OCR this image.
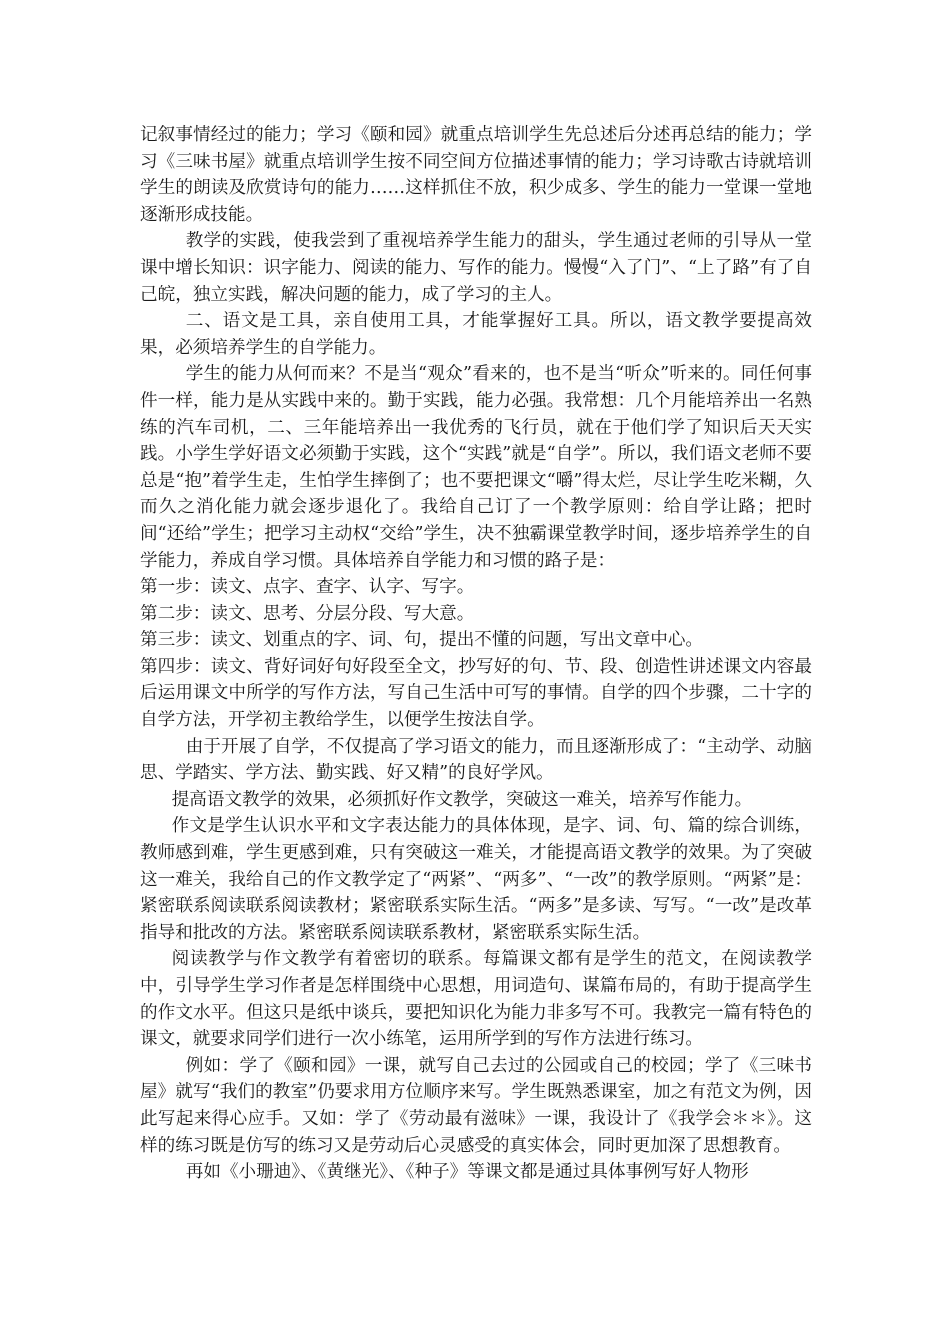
记叙事情经过的能力；学习《颐和园》就重点培训学生先总述后分述再总结的能力；学习《三味书屋》就重点培训学生按不同空间方位描述事情的能力；学习诗歌古诗就培训学生的朗读及欣赏诗句的能力……这样抓住不放，积少成多、学生的能力一堂课一堂地逐渐形成技能。

教学的实践，使我尝到了重视培养学生能力的甜头，学生通过老师的引导从一堂课中增长知识：识字能力、阅读的能力、写作的能力。慢慢“入了门”、“上了路”有了自己皖，独立实践，解决问题的能力，成了学习的主人。

二、语文是工具，亲自使用工具，才能掌握好工具。所以，语文教学要提高效果，必须培养学生的自学能力。

学生的能力从何而来？不是当“观众”看来的，也不是当“听众”听来的。同任何事件一样，能力是从实践中来的。勤于实践，能力必强。我常想：几个月能培养出一名熟练的汽车司机，二、三年能培养出一我优秀的飞行员，就在于他们学了知识后天天实践。小学生学好语文必须勤于实践，这个“实践”就是“自学”。所以，我们语文老师不要总是“抱”着学生走，生怕学生摔倒了；也不要把课文“嚼”得太烂，尽让学生吃米糊，久而久之消化能力就会逐步退化了。我给自己订了一个教学原则：给自学让路；把时间“还给”学生；把学习主动权“交给”学生，决不独霸课堂教学时间，逐步培养学生的自学能力，养成自学习惯。具体培养自学能力和习惯的路子是：

第一步：读文、点字、查字、认字、写字。

第二步：读文、思考、分层分段、写大意。

第三步：读文、划重点的字、词、句，提出不懂的问题，写出文章中心。

第四步：读文、背好词好句好段至全文，抄写好的句、节、段、创造性讲述课文内容最后运用课文中所学的写作方法，写自己生活中可写的事情。自学的四个步骤，二十字的自学方法，开学初主教给学生，以便学生按法自学。

由于开展了自学，不仅提高了学习语文的能力，而且逐渐形成了：“主动学、动脑思、学踏实、学方法、勤实践、好又精”的良好学风。

提高语文教学的效果，必须抓好作文教学，突破这一难关，培养写作能力。

作文是学生认识水平和文字表达能力的具体体现，是字、词、句、篇的综合训练，教师感到难，学生更感到难，只有突破这一难关，才能提高语文教学的效果。为了突破这一难关，我给自己的作文教学定了“两紧”、“两多”、“一改”的教学原则。“两紧”是：紧密联系阅读联系阅读教材；紧密联系实际生活。“两多”是多读、写写。“一改”是改革指导和批改的方法。紧密联系阅读联系教材，紧密联系实际生活。

阅读教学与作文教学有着密切的联系。每篇课文都有是学生的范文，在阅读教学中，引导学生学习作者是怎样围绕中心思想，用词造句、谋篇布局的，有助于提高学生的作文水平。但这只是纸中谈兵，要把知识化为能力非多写不可。我教完一篇有特色的课文，就要求同学们进行一次小练笔，运用所学到的写作方法进行练习。

例如：学了《颐和园》一课，就写自己去过的公园或自己的校园；学了《三味书屋》就写“我们的教室”仍要求用方位顺序来写。学生既熟悉课室，加之有范文为例，因此写起来得心应手。又如：学了《劳动最有滋味》一课，我设计了《我学会＊＊》。这样的练习既是仿写的练习又是劳动后心灵感受的真实体会，同时更加深了思想教育。

再如《小珊迪》、《黄继光》、《种子》等课文都是通过具体事例写好人物形
